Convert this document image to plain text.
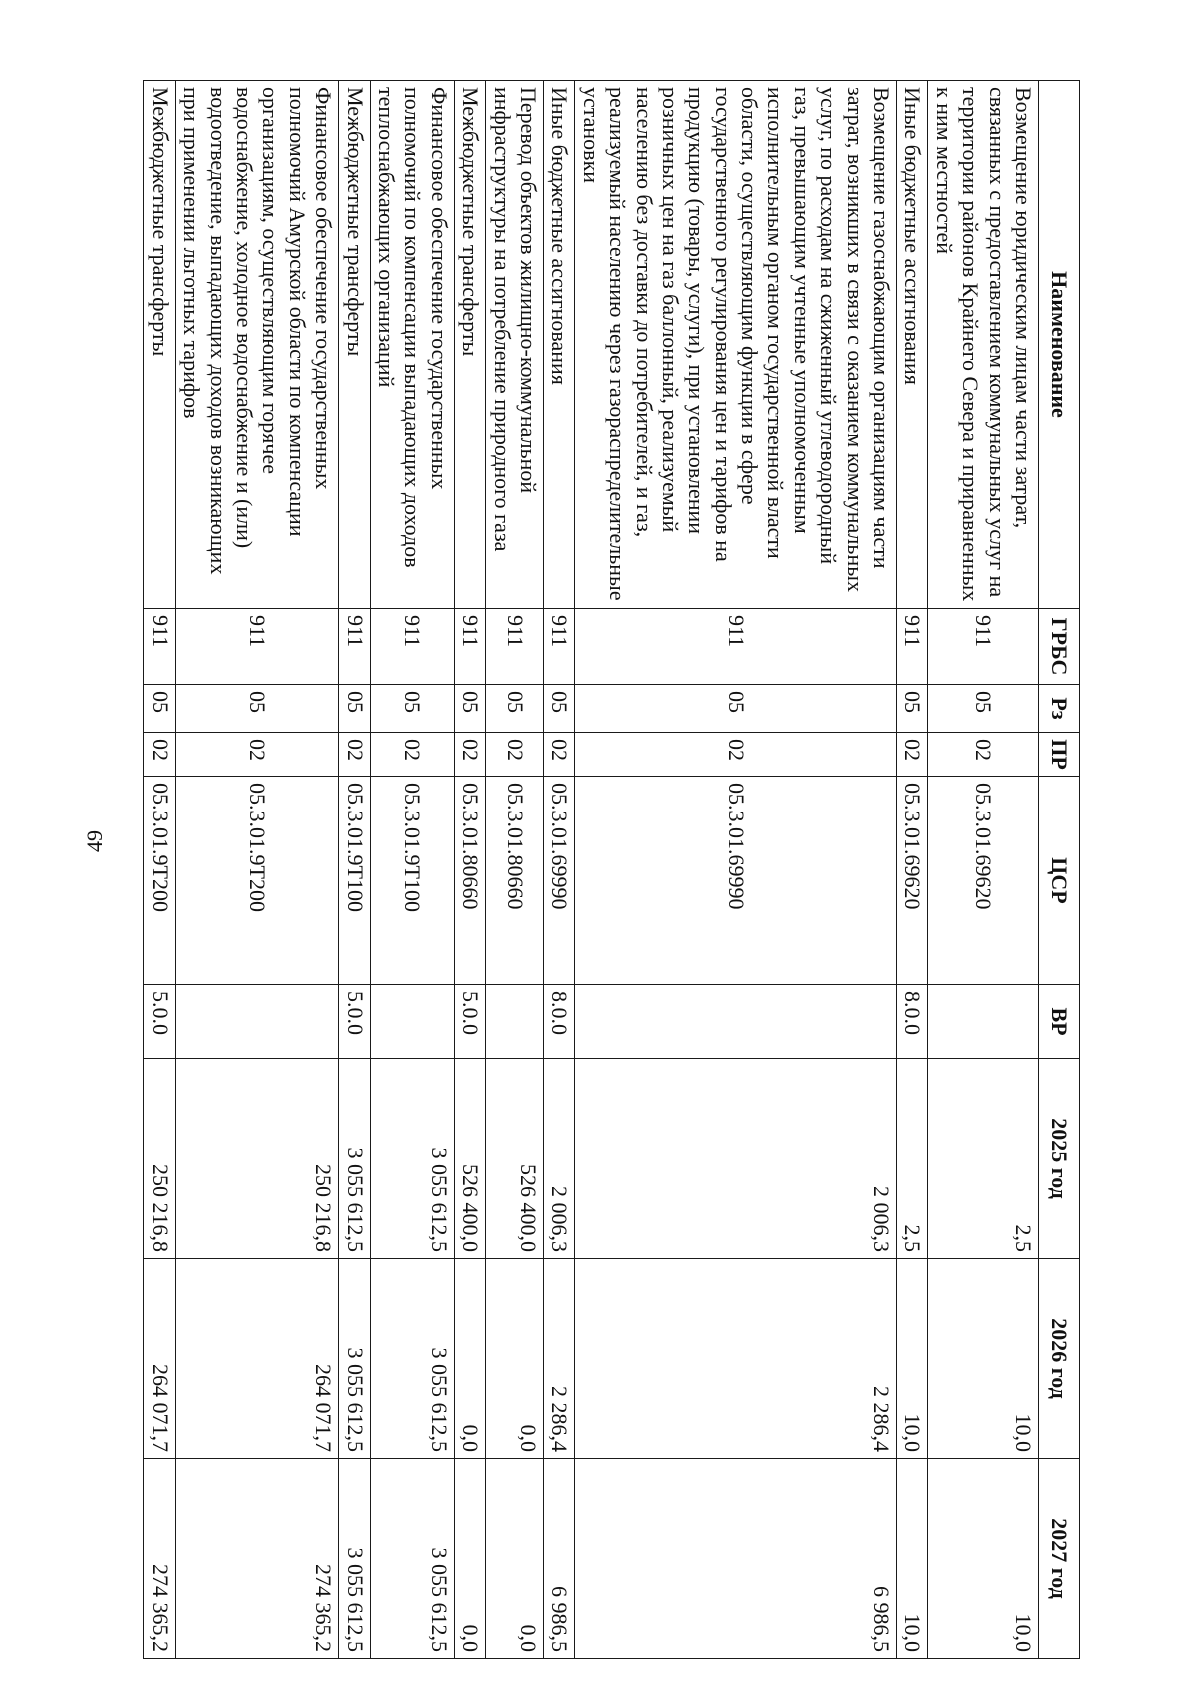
49
Наименование	ГРБС	Рз	ПР	ЦСР	ВР	2025 год	2026 год	2027 год
Возмещение юридическим лицам части затрат, связанных с предоставлением коммунальных услуг на территории районов Крайнего Севера и приравненных к ним местностей	911	05	02	05.3.01.69620		2,5	10,0	10,0
Иные бюджетные ассигнования	911	05	02	05.3.01.69620	8.0.0	2,5	10,0	10,0
Возмещение газоснабжающим организациям части затрат, возникших в связи с оказанием коммунальных услуг, по расходам на сжиженный углеводородный газ, превышающим учтенные уполномоченным исполнительным органом государственной власти области, осуществляющим функции в сфере государственного регулирования цен и тарифов на продукцию (товары, услуги), при установлении розничных цен на газ баллонный, реализуемый населению без доставки до потребителей, и газ, реализуемый населению через газораспределительные установки	911	05	02	05.3.01.69990		2 006,3	2 286,4	6 986,5
Иные бюджетные ассигнования	911	05	02	05.3.01.69990	8.0.0	2 006,3	2 286,4	6 986,5
Перевод объектов жилищно-коммунальной инфраструктуры на потребление природного газа	911	05	02	05.3.01.80660		526 400,0	0,0	0,0
Межбюджетные трансферты	911	05	02	05.3.01.80660	5.0.0	526 400,0	0,0	0,0
Финансовое обеспечение государственных полномочий по компенсации выпадающих доходов теплоснабжающих организаций	911	05	02	05.3.01.9Т100		3 055 612,5	3 055 612,5	3 055 612,5
Межбюджетные трансферты	911	05	02	05.3.01.9Т100	5.0.0	3 055 612,5	3 055 612,5	3 055 612,5
Финансовое обеспечение государственных полномочий Амурской области по компенсации организациям, осуществляющим горячее водоснабжение, холодное водоснабжение и (или) водоотведение, выпадающих доходов возникающих при применении льготных тарифов	911	05	02	05.3.01.9Т200		250 216,8	264 071,7	274 365,2
Межбюджетные трансферты	911	05	02	05.3.01.9Т200	5.0.0	250 216,8	264 071,7	274 365,2
